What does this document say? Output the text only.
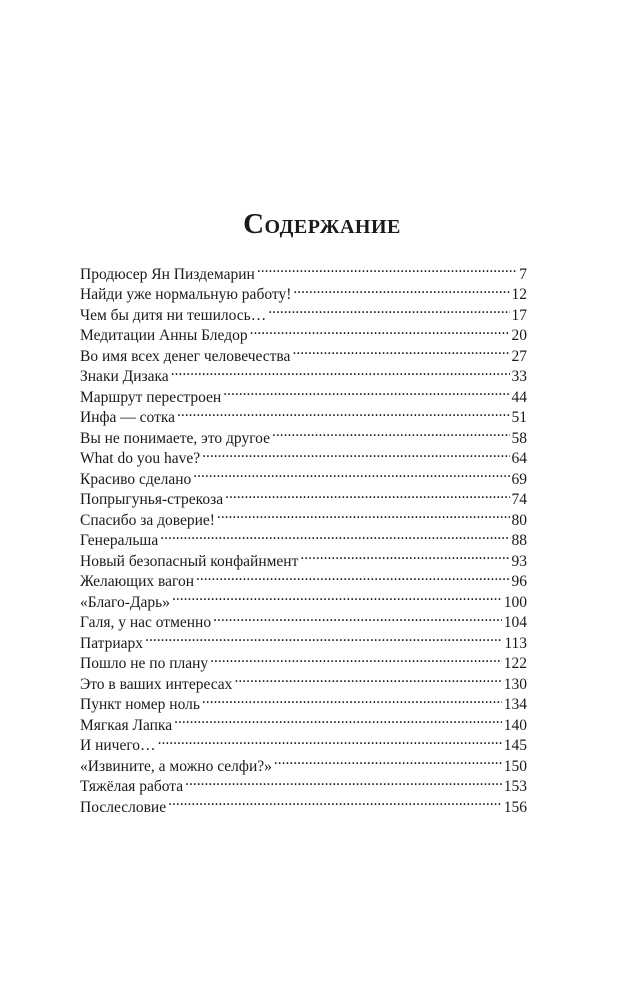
Содержание
Продюсер Ян Пиздемарин .....	7
Найди уже нормальную работу! .....	12
Чем бы дитя ни тешилось… .....	17
Медитации Анны Бледор .....	20
Во имя всех денег человечества .....	27
Знаки Дизака .....	33
Маршрут перестроен .....	44
Инфа — сотка .....	51
Вы не понимаете, это другое .....	58
What do you have? .....	64
Красиво сделано .....	69
Попрыгунья-стрекоза .....	74
Спасибо за доверие! .....	80
Генеральша .....	88
Новый безопасный конфайнмент .....	93
Желающих вагон .....	96
«Благо-Дарь» .....	100
Галя, у нас отменно .....	104
Патриарх .....	113
Пошло не по плану .....	122
Это в ваших интересах .....	130
Пункт номер ноль .....	134
Мягкая Лапка .....	140
И ничего… .....	145
«Извините, а можно селфи?» .....	150
Тяжёлая работа .....	153
Послесловие .....	156
